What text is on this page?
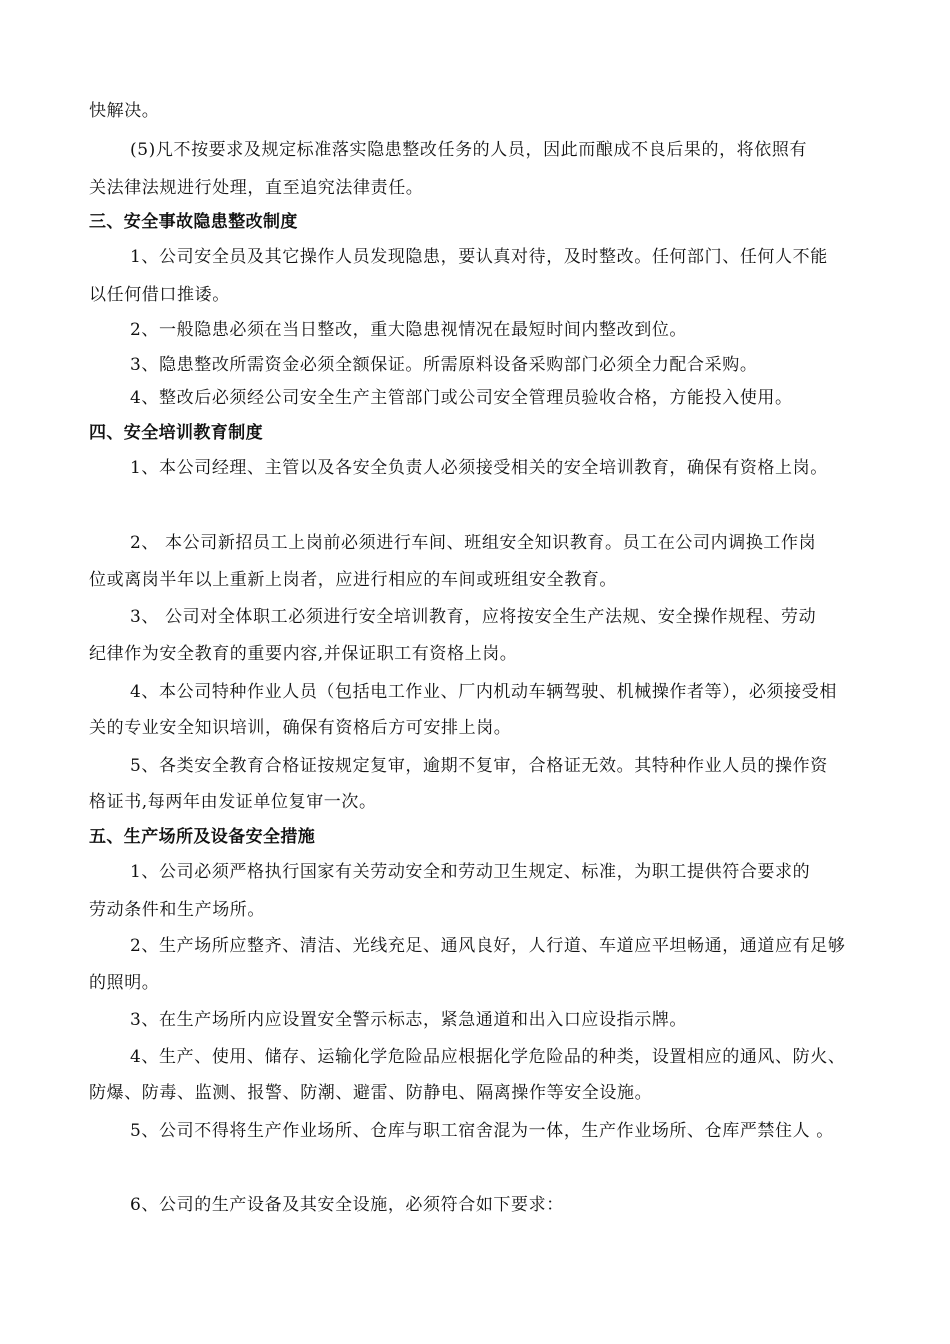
快解决。
(5)凡不按要求及规定标准落实隐患整改任务的人员，因此而酿成不良后果的，将依照有
关法律法规进行处理，直至追究法律责任。
三、安全事故隐患整改制度
1、公司安全员及其它操作人员发现隐患，要认真对待，及时整改。任何部门、任何人不能
以任何借口推诿。
2、一般隐患必须在当日整改，重大隐患视情况在最短时间内整改到位。
3、隐患整改所需资金必须全额保证。所需原料设备采购部门必须全力配合采购。
4、整改后必须经公司安全生产主管部门或公司安全管理员验收合格，方能投入使用。
四、安全培训教育制度
1、本公司经理、主管以及各安全负责人必须接受相关的安全培训教育，确保有资格上岗。
2、 本公司新招员工上岗前必须进行车间、班组安全知识教育。员工在公司内调换工作岗
位或离岗半年以上重新上岗者，应进行相应的车间或班组安全教育。
3、 公司对全体职工必须进行安全培训教育，应将按安全生产法规、安全操作规程、劳动
纪律作为安全教育的重要内容,并保证职工有资格上岗。
4、本公司特种作业人员（包括电工作业、厂内机动车辆驾驶、机械操作者等），必须接受相
关的专业安全知识培训，确保有资格后方可安排上岗。
5、各类安全教育合格证按规定复审，逾期不复审，合格证无效。其特种作业人员的操作资
格证书,每两年由发证单位复审一次。
五、生产场所及设备安全措施
1、公司必须严格执行国家有关劳动安全和劳动卫生规定、标准，为职工提供符合要求的
劳动条件和生产场所。
2、生产场所应整齐、清洁、光线充足、通风良好，人行道、车道应平坦畅通，通道应有足够
的照明。
3、在生产场所内应设置安全警示标志，紧急通道和出入口应设指示牌。
4、生产、使用、储存、运输化学危险品应根据化学危险品的种类，设置相应的通风、防火、
防爆、防毒、监测、报警、防潮、避雷、防静电、隔离操作等安全设施。
5、公司不得将生产作业场所、仓库与职工宿舍混为一体，生产作业场所、仓库严禁住人 。
6、公司的生产设备及其安全设施，必须符合如下要求：
